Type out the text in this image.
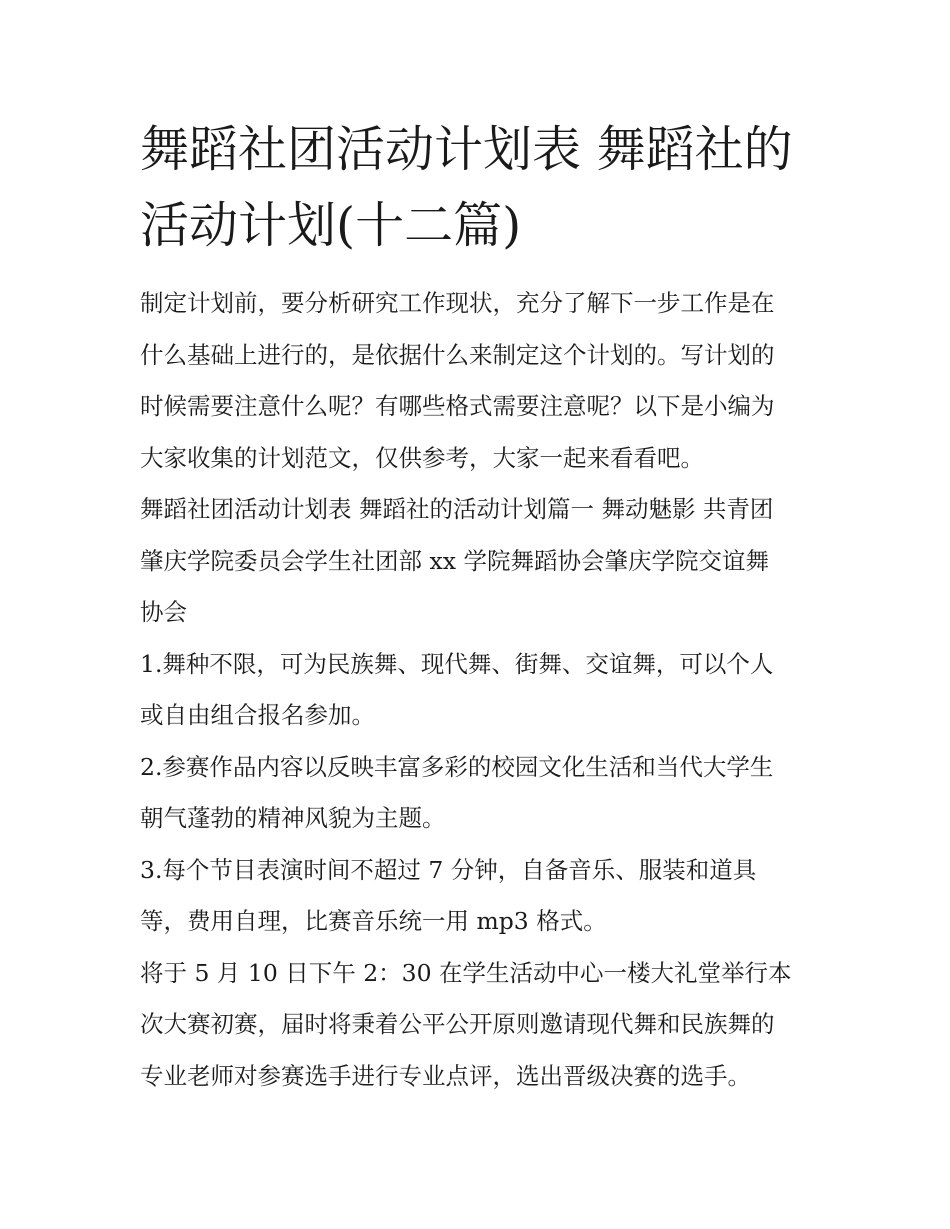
舞蹈社团活动计划表 舞蹈社的
活动计划(十二篇)
制定计划前，要分析研究工作现状，充分了解下一步工作是在
什么基础上进行的，是依据什么来制定这个计划的。写计划的
时候需要注意什么呢？有哪些格式需要注意呢？以下是小编为
大家收集的计划范文，仅供参考，大家一起来看看吧。
舞蹈社团活动计划表 舞蹈社的活动计划篇一 舞动魅影 共青团
肇庆学院委员会学生社团部 xx 学院舞蹈协会肇庆学院交谊舞
协会
1.舞种不限，可为民族舞、现代舞、街舞、交谊舞，可以个人
或自由组合报名参加。
2.参赛作品内容以反映丰富多彩的校园文化生活和当代大学生
朝气蓬勃的精神风貌为主题。
3.每个节目表演时间不超过 7 分钟，自备音乐、服装和道具
等，费用自理，比赛音乐统一用 mp3 格式。
将于 5 月 10 日下午 2：30 在学生活动中心一楼大礼堂举行本
次大赛初赛，届时将秉着公平公开原则邀请现代舞和民族舞的
专业老师对参赛选手进行专业点评，选出晋级决赛的选手。
